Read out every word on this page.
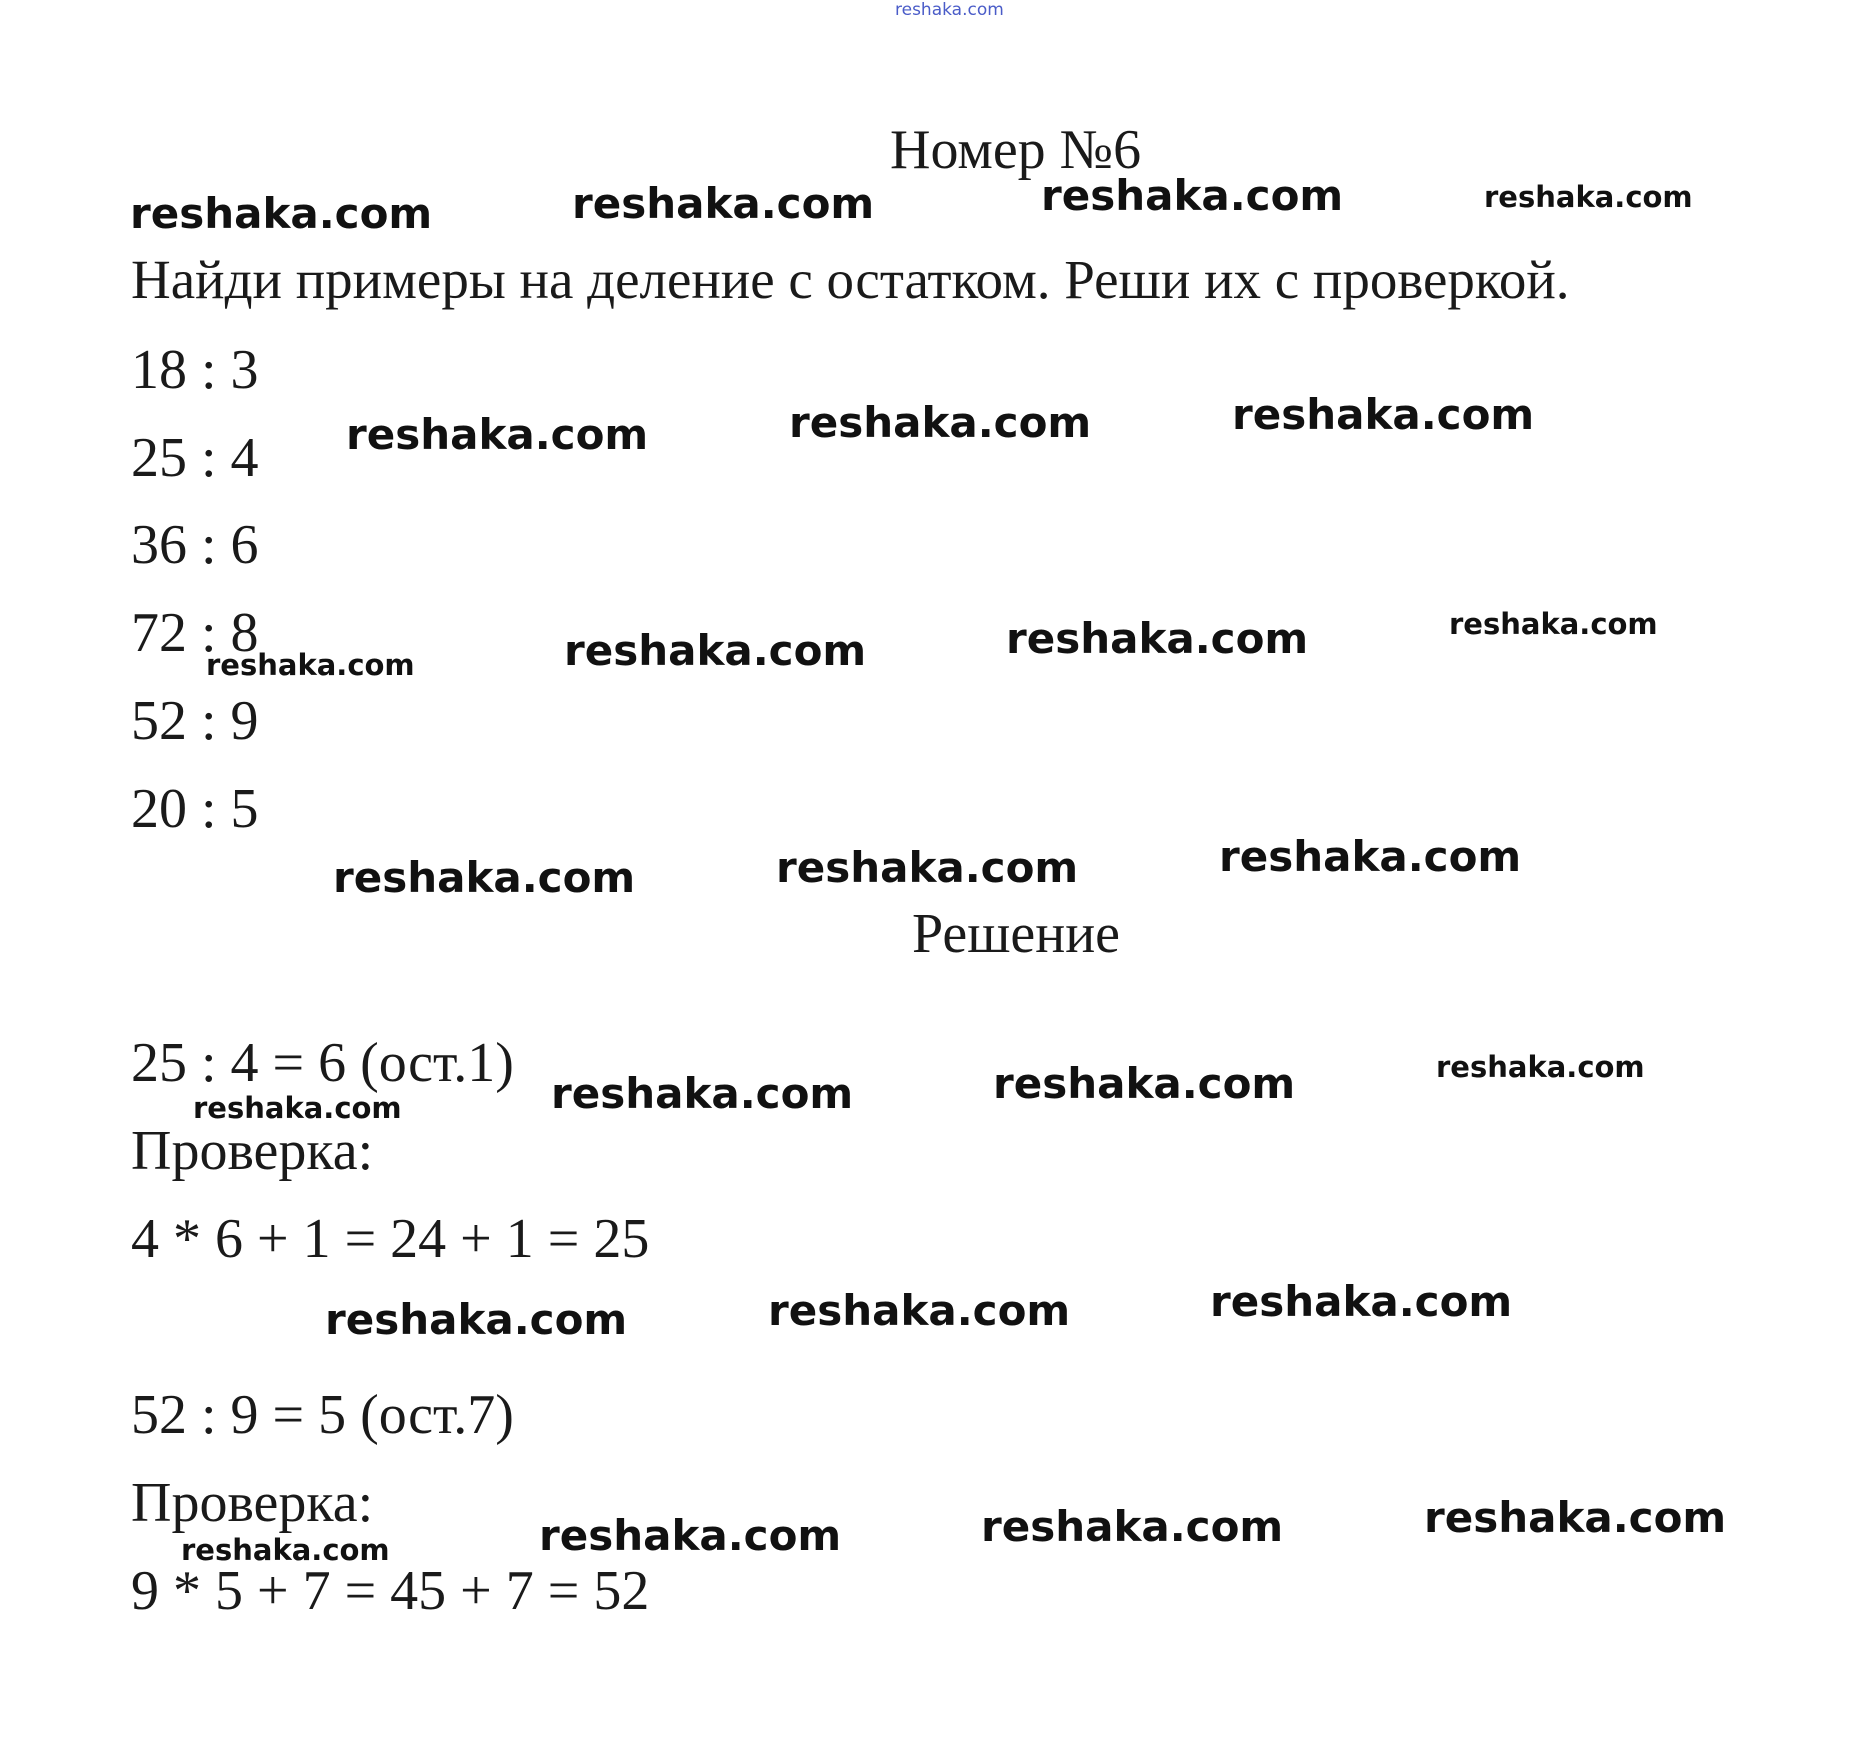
reshaka.com
Номер №6
Найди примеры на деление с остатком. Реши их с проверкой.
18 : 3
25 : 4
36 : 6
72 : 8
52 : 9
20 : 5
Решение
25 : 4 = 6 (ост.1)
Проверка:
4 * 6 + 1 = 24 + 1 = 25
52 : 9 = 5 (ост.7)
Проверка:
9 * 5 + 7 = 45 + 7 = 52
reshaka.com	reshaka.com	reshaka.com	reshaka.com
reshaka.com	reshaka.com	reshaka.com
reshaka.com	reshaka.com	reshaka.com	reshaka.com
reshaka.com	reshaka.com	reshaka.com
reshaka.com	reshaka.com	reshaka.com	reshaka.com
reshaka.com	reshaka.com	reshaka.com
reshaka.com	reshaka.com	reshaka.com	reshaka.com
